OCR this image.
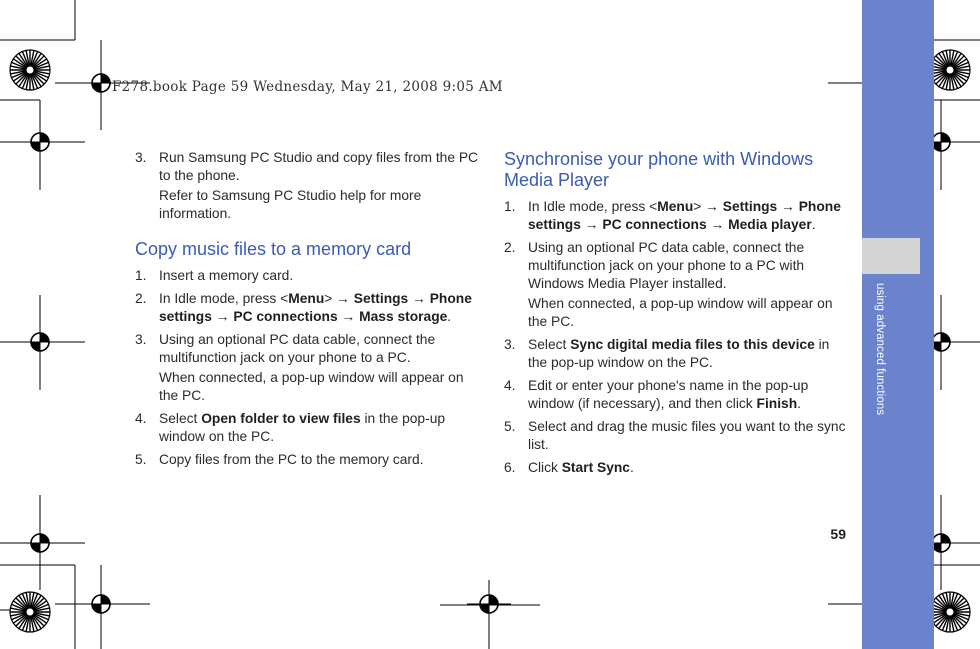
using advanced functions
F278.book Page 59 Wednesday, May 21, 2008 9:05 AM
3. Run Samsung PC Studio and copy files from the PC to the phone.

Refer to Samsung PC Studio help for more information.

Copy music files to a memory card
1. Insert a memory card.

2. In Idle mode, press <Menu> → Settings → Phone settings → PC connections → Mass storage.

3. Using an optional PC data cable, connect the multifunction jack on your phone to a PC.

When connected, a pop-up window will appear on the PC.

4. Select Open folder to view files in the pop-up window on the PC.

5. Copy files from the PC to the memory card.

Synchronise your phone with Windows Media Player
1. In Idle mode, press <Menu> → Settings → Phone settings → PC connections → Media player.

2. Using an optional PC data cable, connect the multifunction jack on your phone to a PC with Windows Media Player installed.

When connected, a pop-up window will appear on the PC.

3. Select Sync digital media files to this device in the pop-up window on the PC.

4. Edit or enter your phone's name in the pop-up window (if necessary), and then click Finish.

5. Select and drag the music files you want to the sync list.

6. Click Start Sync.

59
